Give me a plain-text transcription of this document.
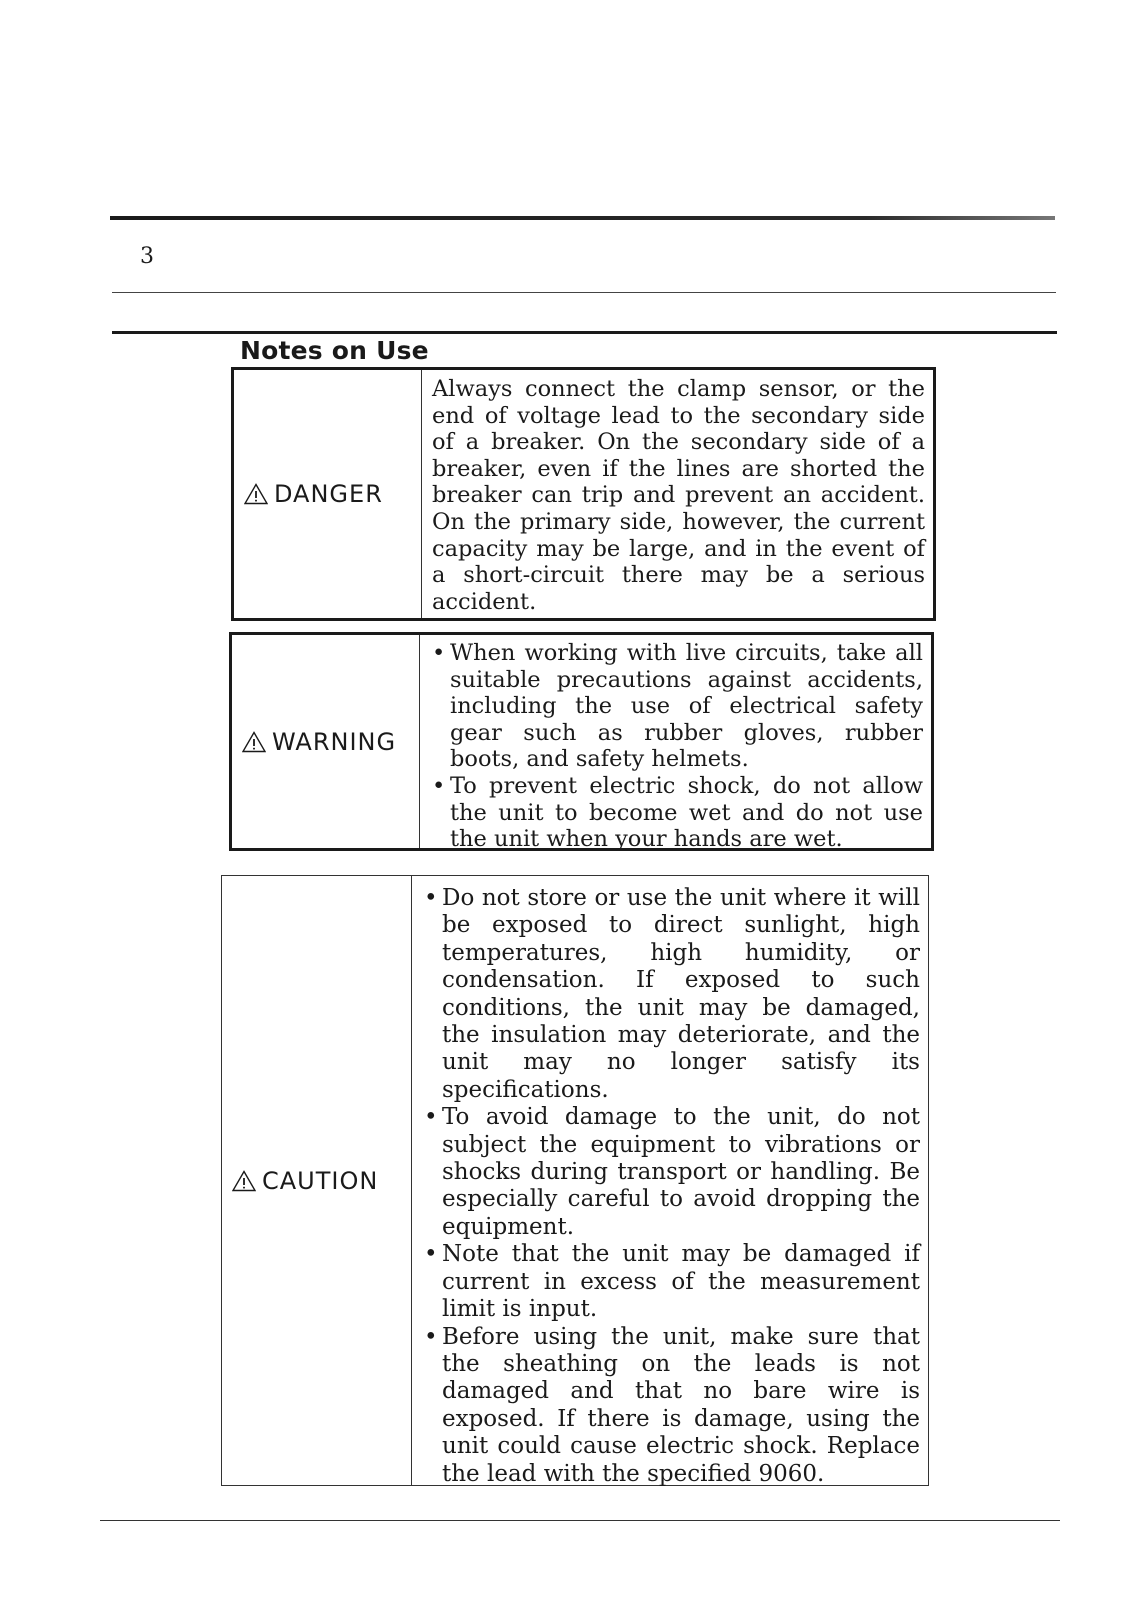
3
Notes on Use
DANGER

Always connect the clamp sensor, or the end of voltage lead to the secondary side of a breaker. On the secondary side of a breaker, even if the lines are shorted the breaker can trip and prevent an accident. On the primary side, however, the current capacity may be large, and in the event of a short-circuit there may be a serious accident.

WARNING
• When working with live circuits, take all suitable precautions against accidents, including the use of electrical safety gear such as rubber gloves, rubber boots, and safety helmets.
• To prevent electric shock, do not allow the unit to become wet and do not use the unit when your hands are wet.
CAUTION
• Do not store or use the unit where it will be exposed to direct sunlight, high temperatures, high humidity, or condensation. If exposed to such conditions, the unit may be damaged, the insulation may deteriorate, and the unit may no longer satisfy its specifications.
• To avoid damage to the unit, do not subject the equipment to vibrations or shocks during transport or handling. Be especially careful to avoid dropping the equipment.
• Note that the unit may be damaged if current in excess of the measurement limit is input.
• Before using the unit, make sure that the sheathing on the leads is not damaged and that no bare wire is exposed. If there is damage, using the unit could cause electric shock. Replace the lead with the specified 9060.
